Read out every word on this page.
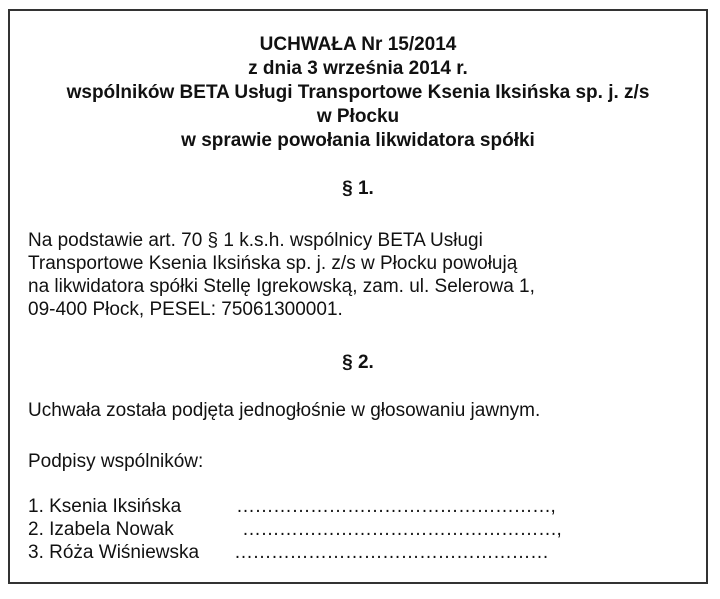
UCHWAŁA Nr 15/2014
z dnia 3 września 2014 r.
wspólników BETA Usługi Transportowe Ksenia Iksińska sp. j. z/s
w Płocku
w sprawie powołania likwidatora spółki
§ 1.
Na podstawie art. 70 § 1 k.s.h. wspólnicy BETA Usługi
Transportowe Ksenia Iksińska sp. j. z/s w Płocku powołują
na likwidatora spółki Stellę Igrekowską, zam. ul. Selerowa 1,
09-400 Płock, PESEL: 75061300001.
§ 2.
Uchwała została podjęta jednogłośnie w głosowaniu jawnym.
Podpisy wspólników:
1. Ksenia Iksińska	……………………………………………,
2. Izabela Nowak	……………………………………………,
3. Róża Wiśniewska ……………………………………………
